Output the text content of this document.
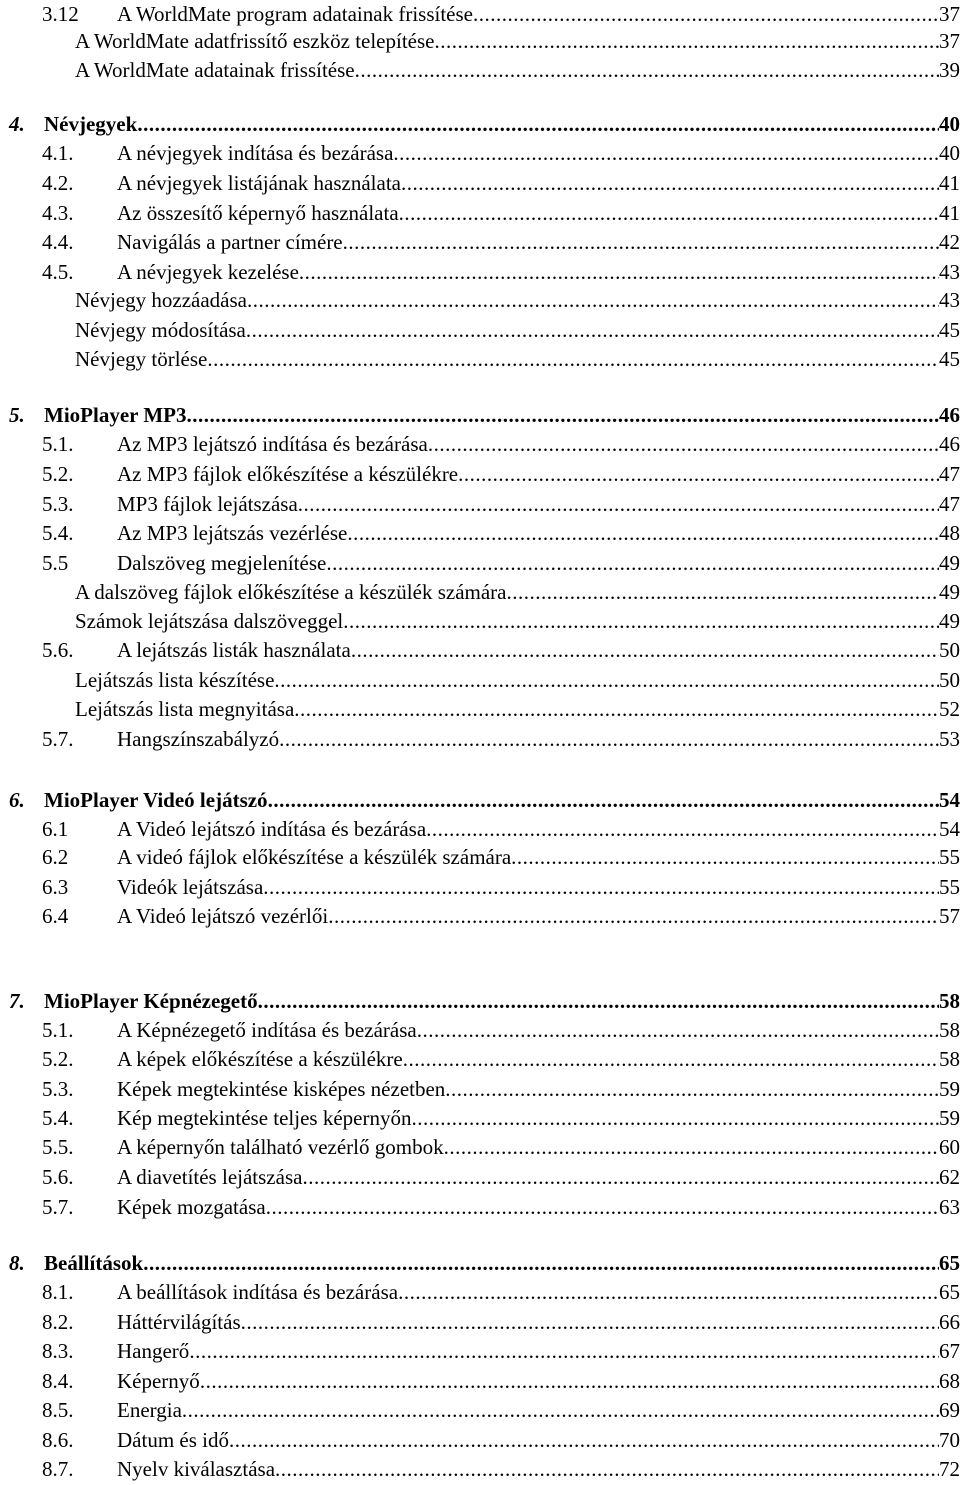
3.12 A WorldMate program adatainak frissítése .....	37
A WorldMate adatfrissítő eszköz telepítése .....	37
A WorldMate adatainak frissítése .....	39
4. Névjegyek .....	40
4.1. A névjegyek indítása és bezárása .....	40
4.2. A névjegyek listájának használata .....	41
4.3. Az összesítő képernyő használata .....	41
4.4. Navigálás a partner címére .....	42
4.5. A névjegyek kezelése .....	43
Névjegy hozzáadása .....	43
Névjegy módosítása .....	45
Névjegy törlése .....	45
5. MioPlayer MP3 .....	46
5.1. Az MP3 lejátszó indítása és bezárása .....	46
5.2. Az MP3 fájlok előkészítése a készülékre .....	47
5.3. MP3 fájlok lejátszása .....	47
5.4. Az MP3 lejátszás vezérlése .....	48
5.5 Dalszöveg megjelenítése .....	49
A dalszöveg fájlok előkészítése a készülék számára .....	49
Számok lejátszása dalszöveggel .....	49
5.6. A lejátszás listák használata .....	50
Lejátszás lista készítése .....	50
Lejátszás lista megnyitása .....	52
5.7. Hangszínszabályzó .....	53
6. MioPlayer Videó lejátszó .....	54
6.1 A Videó lejátszó indítása és bezárása .....	54
6.2 A videó fájlok előkészítése a készülék számára .....	55
6.3 Videók lejátszása .....	55
6.4 A Videó lejátszó vezérlői .....	57
7. MioPlayer Képnézegető .....	58
5.1. A Képnézegető indítása és bezárása .....	58
5.2. A képek előkészítése a készülékre .....	58
5.3. Képek megtekintése kisképes nézetben .....	59
5.4. Kép megtekintése teljes képernyőn .....	59
5.5. A képernyőn található vezérlő gombok .....	60
5.6. A diavetítés lejátszása .....	62
5.7. Képek mozgatása .....	63
8. Beállítások .....	65
8.1. A beállítások indítása és bezárása .....	65
8.2. Háttérvilágítás .....	66
8.3. Hangerő .....	67
8.4. Képernyő .....	68
8.5. Energia .....	69
8.6. Dátum és idő .....	70
8.7. Nyelv kiválasztása .....	72
